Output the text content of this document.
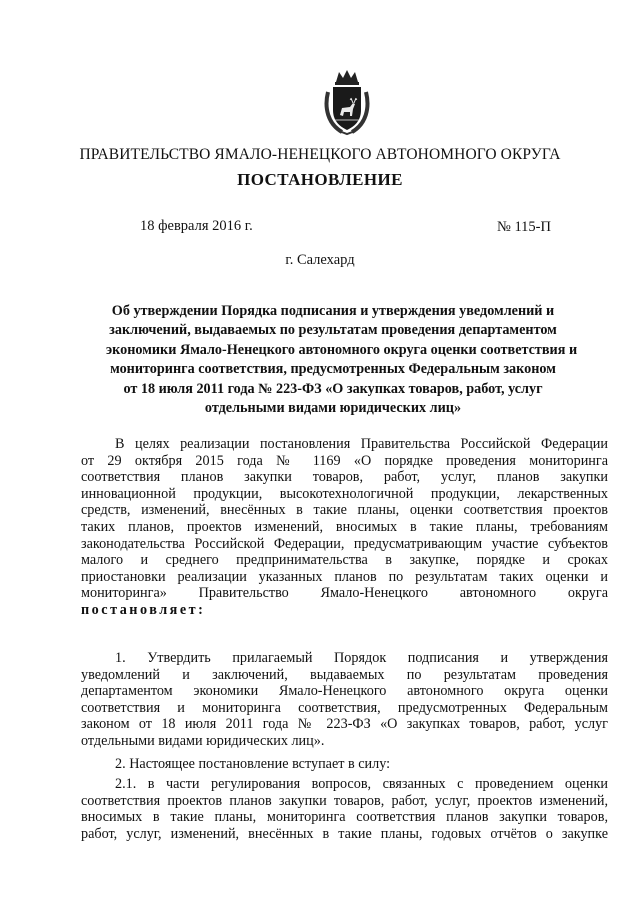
ПРАВИТЕЛЬСТВО ЯМАЛО-НЕНЕЦКОГО АВТОНОМНОГО ОКРУГА
ПОСТАНОВЛЕНИЕ
18 февраля 2016 г.	№ 115-П
г. Салехард
Об утверждении Порядка подписания и утверждения уведомлений и
заключений, выдаваемых по результатам проведения департаментом
экономики Ямало-Ненецкого автономного округа оценки соответствия и
мониторинга соответствия, предусмотренных Федеральным законом
от 18 июля 2011 года № 223-ФЗ «О закупках товаров, работ, услуг
отдельными видами юридических лиц»
В целях реализации постановления Правительства Российской Федерации
от 29 октября 2015 года № 1169 «О порядке проведения мониторинга
соответствия планов закупки товаров, работ, услуг, планов закупки
инновационной продукции, высокотехнологичной продукции, лекарственных
средств, изменений, внесённых в такие планы, оценки соответствия проектов
таких планов, проектов изменений, вносимых в такие планы, требованиям
законодательства Российской Федерации, предусматривающим участие субъектов
малого и среднего предпринимательства в закупке, порядке и сроках
приостановки реализации указанных планов по результатам таких оценки и
мониторинга» Правительство Ямало-Ненецкого автономного округа
постановляет:
1. Утвердить прилагаемый Порядок подписания и утверждения
уведомлений и заключений, выдаваемых по результатам проведения
департаментом экономики Ямало-Ненецкого автономного округа оценки
соответствия и мониторинга соответствия, предусмотренных Федеральным
законом от 18 июля 2011 года № 223-ФЗ «О закупках товаров, работ, услуг
отдельными видами юридических лиц».
2. Настоящее постановление вступает в силу:
2.1. в части регулирования вопросов, связанных с проведением оценки
соответствия проектов планов закупки товаров, работ, услуг, проектов изменений,
вносимых в такие планы, мониторинга соответствия планов закупки товаров,
работ, услуг, изменений, внесённых в такие планы, годовых отчётов о закупке
